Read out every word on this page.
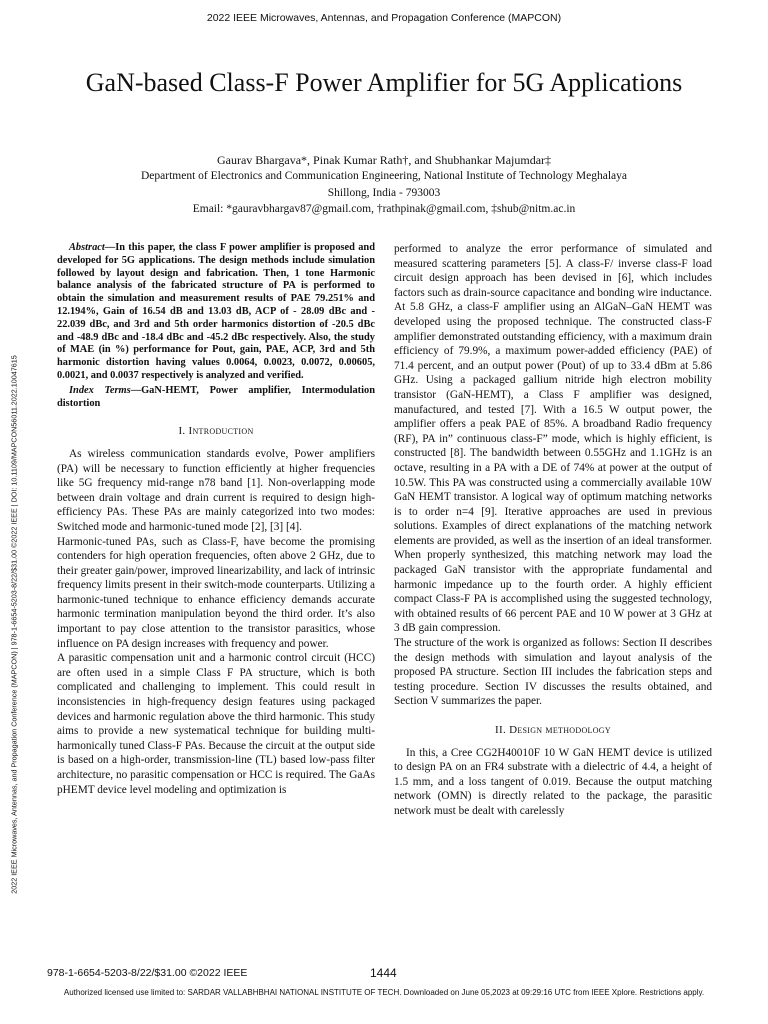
2022 IEEE Microwaves, Antennas, and Propagation Conference (MAPCON)
GaN-based Class-F Power Amplifier for 5G Applications
Gaurav Bhargava*, Pinak Kumar Rath†, and Shubhankar Majumdar‡
Department of Electronics and Communication Engineering, National Institute of Technology Meghalaya
Shillong, India - 793003
Email: *gauravbhargav87@gmail.com, †rathpinak@gmail.com, ‡shub@nitm.ac.in
2022 IEEE Microwaves, Antennas, and Propagation Conference (MAPCON) | 978-1-6654-5203-8/22/$31.00 ©2022 IEEE | DOI: 10.1109/MAPCON56011.2022.10047615

Abstract—In this paper, the class F power amplifier is proposed and developed for 5G applications. The design methods include simulation followed by layout design and fabrication. Then, 1 tone Harmonic balance analysis of the fabricated structure of PA is performed to obtain the simulation and measurement results of PAE 79.251% and 12.194%, Gain of 16.54 dB and 13.03 dB, ACP of - 28.09 dBc and - 22.039 dBc, and 3rd and 5th order harmonics distortion of -20.5 dBc and -48.9 dBc and -18.4 dBc and -45.2 dBc respectively. Also, the study of MAE (in %) performance for Pout, gain, PAE, ACP, 3rd and 5th harmonic distortion having values 0.0064, 0.0023, 0.0072, 0.00605, 0.0021, and 0.0037 respectively is analyzed and verified.

Index Terms—GaN-HEMT, Power amplifier, Intermodulation distortion

I. Introduction

As wireless communication standards evolve, Power amplifiers (PA) will be necessary to function efficiently at higher frequencies like 5G frequency mid-range n78 band [1]. Non-overlapping mode between drain voltage and drain current is required to design high-efficiency PAs. These PAs are mainly categorized into two modes: Switched mode and harmonic-tuned mode [2], [3] [4].

Harmonic-tuned PAs, such as Class-F, have become the promising contenders for high operation frequencies, often above 2 GHz, due to their greater gain/power, improved linearizability, and lack of intrinsic frequency limits present in their switch-mode counterparts. Utilizing a harmonic-tuned technique to enhance efficiency demands accurate harmonic termination manipulation beyond the third order. It’s also important to pay close attention to the transistor parasitics, whose influence on PA design increases with frequency and power.

A parasitic compensation unit and a harmonic control circuit (HCC) are often used in a simple Class F PA structure, which is both complicated and challenging to implement. This could result in inconsistencies in high-frequency design features using packaged devices and harmonic regulation above the third harmonic. This study aims to provide a new systematical technique for building multi-harmonically tuned Class-F PAs. Because the circuit at the output side is based on a high-order, transmission-line (TL) based low-pass filter architecture, no parasitic compensation or HCC is required. The GaAs pHEMT device level modeling and optimization is

performed to analyze the error performance of simulated and measured scattering parameters [5]. A class-F/ inverse class-F load circuit design approach has been devised in [6], which includes factors such as drain-source capacitance and bonding wire inductance. At 5.8 GHz, a class-F amplifier using an AlGaN–GaN HEMT was developed using the proposed technique. The constructed class-F amplifier demonstrated outstanding efficiency, with a maximum drain efficiency of 79.9%, a maximum power-added efficiency (PAE) of 71.4 percent, and an output power (Pout) of up to 33.4 dBm at 5.86 GHz. Using a packaged gallium nitride high electron mobility transistor (GaN-HEMT), a Class F amplifier was designed, manufactured, and tested [7]. With a 16.5 W output power, the amplifier offers a peak PAE of 85%. A broadband Radio frequency (RF), PA in” continuous class-F” mode, which is highly efficient, is constructed [8]. The bandwidth between 0.55GHz and 1.1GHz is an octave, resulting in a PA with a DE of 74% at power at the output of 10.5W. This PA was constructed using a commercially available 10W GaN HEMT transistor. A logical way of optimum matching networks is to order n=4 [9]. Iterative approaches are used in previous solutions. Examples of direct explanations of the matching network elements are provided, as well as the insertion of an ideal transformer. When properly synthesized, this matching network may load the packaged GaN transistor with the appropriate fundamental and harmonic impedance up to the fourth order. A highly efficient compact Class-F PA is accomplished using the suggested technology, with obtained results of 66 percent PAE and 10 W power at 3 GHz at 3 dB gain compression.

The structure of the work is organized as follows: Section II describes the design methods with simulation and layout analysis of the proposed PA structure. Section III includes the fabrication steps and testing procedure. Section IV discusses the results obtained, and Section V summarizes the paper.

II. Design methodology

In this, a Cree CG2H40010F 10 W GaN HEMT device is utilized to design PA on an FR4 substrate with a dielectric of 4.4, a height of 1.5 mm, and a loss tangent of 0.019. Because the output matching network (OMN) is directly related to the package, the parasitic network must be dealt with carelessly

978-1-6654-5203-8/22/$31.00 ©2022 IEEE	1444
Authorized licensed use limited to: SARDAR VALLABHBHAI NATIONAL INSTITUTE OF TECH. Downloaded on June 05,2023 at 09:29:16 UTC from IEEE Xplore. Restrictions apply.
